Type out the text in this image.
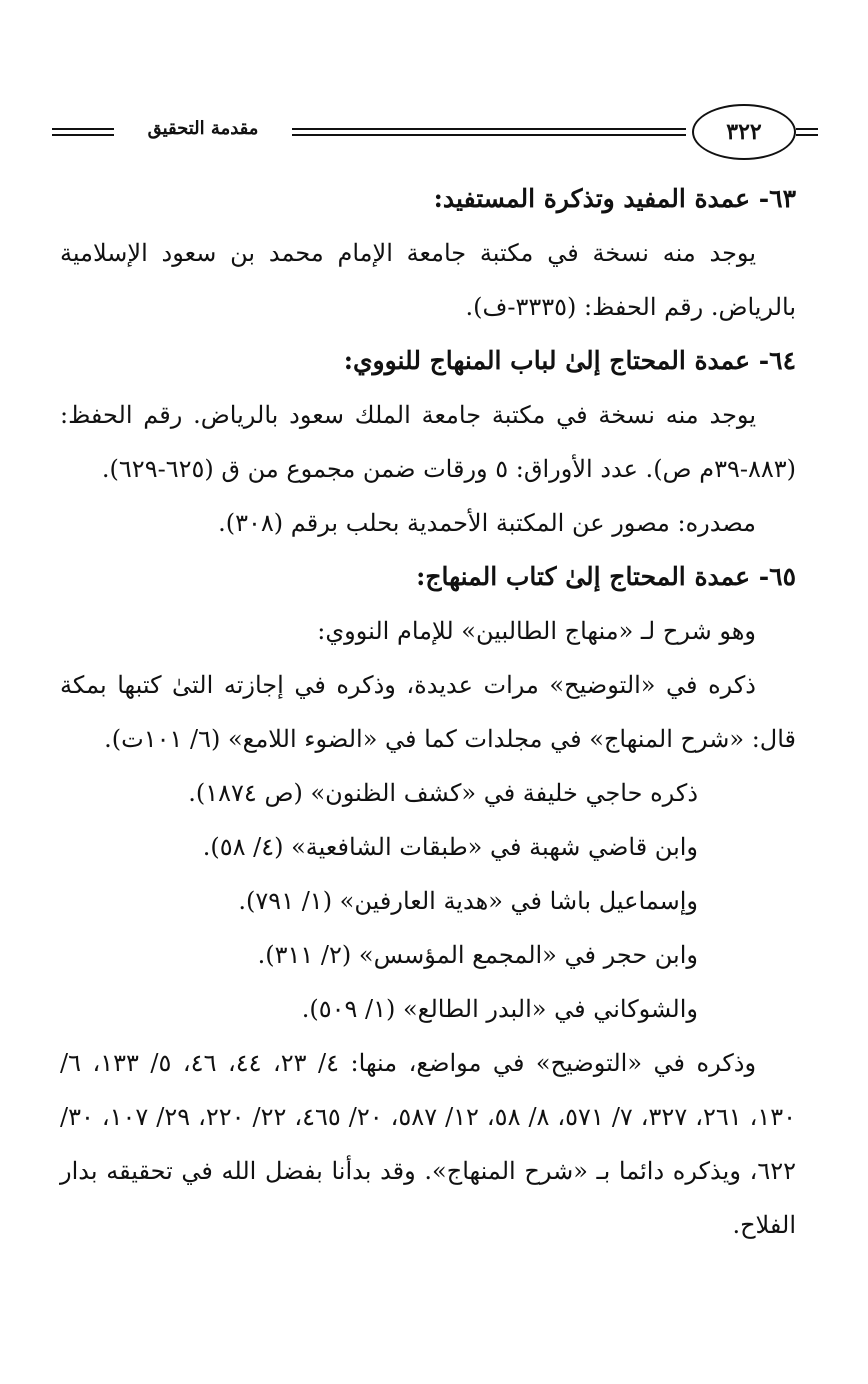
٣٢٢
مقدمة التحقيق

٦٣- عمدة المفيد وتذكرة المستفيد:

يوجد منه نسخة في مكتبة جامعة الإمام محمد بن سعود الإسلامية بالرياض. رقم الحفظ: (٣٣٣٥-ف).

٦٤- عمدة المحتاج إلىٰ لباب المنهاج للنووي:

يوجد منه نسخة في مكتبة جامعة الملك سعود بالرياض. رقم الحفظ: (٨٨٣-٣٩م ص). عدد الأوراق: ٥ ورقات ضمن مجموع من ق (٦٢٥-٦٢٩).

مصدره: مصور عن المكتبة الأحمدية بحلب برقم (٣٠٨).

٦٥- عمدة المحتاج إلىٰ كتاب المنهاج:

وهو شرح لـ «منهاج الطالبين» للإمام النووي:

ذكره في «التوضيح» مرات عديدة، وذكره في إجازته التىٰ كتبها بمكة قال: «شرح المنهاج» في مجلدات كما في «الضوء اللامع» (٦/ ١٠١ت).

ذكره حاجي خليفة في «كشف الظنون» (ص ١٨٧٤).

وابن قاضي شهبة في «طبقات الشافعية» (٤/ ٥٨).

وإسماعيل باشا في «هدية العارفين» (١/ ٧٩١).

وابن حجر في «المجمع المؤسس» (٢/ ٣١١).

والشوكاني في «البدر الطالع» (١/ ٥٠٩).

وذكره في «التوضيح» في مواضع، منها: ٤/ ٢٣، ٤٤، ٤٦، ٥/ ١٣٣، ٦/ ١٣٠، ٢٦١، ٣٢٧، ٧/ ٥٧١، ٨/ ٥٨، ١٢/ ٥٨٧، ٢٠/ ٤٦٥، ٢٢/ ٢٢٠، ٢٩/ ١٠٧، ٣٠/ ٦٢٢، ويذكره دائما بـ «شرح المنهاج». وقد بدأنا بفضل الله في تحقيقه بدار الفلاح.
